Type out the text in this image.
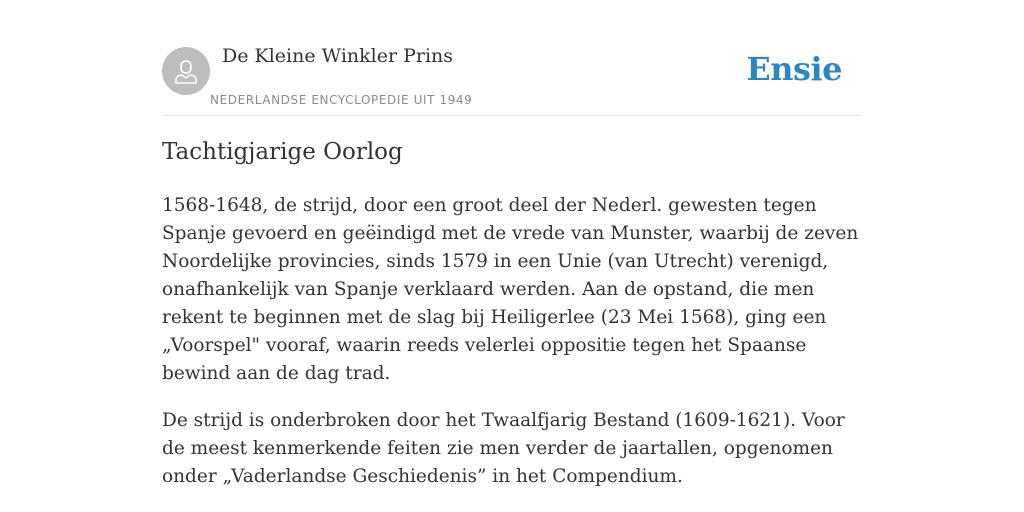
De Kleine Winkler Prins
NEDERLANDSE ENCYCLOPEDIE UIT 1949
Ensie
Tachtigjarige Oorlog

1568-1648, de strijd, door een groot deel der Nederl. gewesten tegen Spanje gevoerd en geëindigd met de vrede van Munster, waarbij de zeven Noordelijke provincies, sinds 1579 in een Unie (van Utrecht) verenigd, onafhankelijk van Spanje verklaard werden. Aan de opstand, die men rekent te beginnen met de slag bij Heiligerlee (23 Mei 1568), ging een „Voorspel" vooraf, waarin reeds velerlei oppositie tegen het Spaanse bewind aan de dag trad.

De strijd is onderbroken door het Twaalfjarig Bestand (1609-1621). Voor de meest kenmerkende feiten zie men verder de jaartallen, opgenomen onder „Vaderlandse Geschiedenis” in het Compendium.
